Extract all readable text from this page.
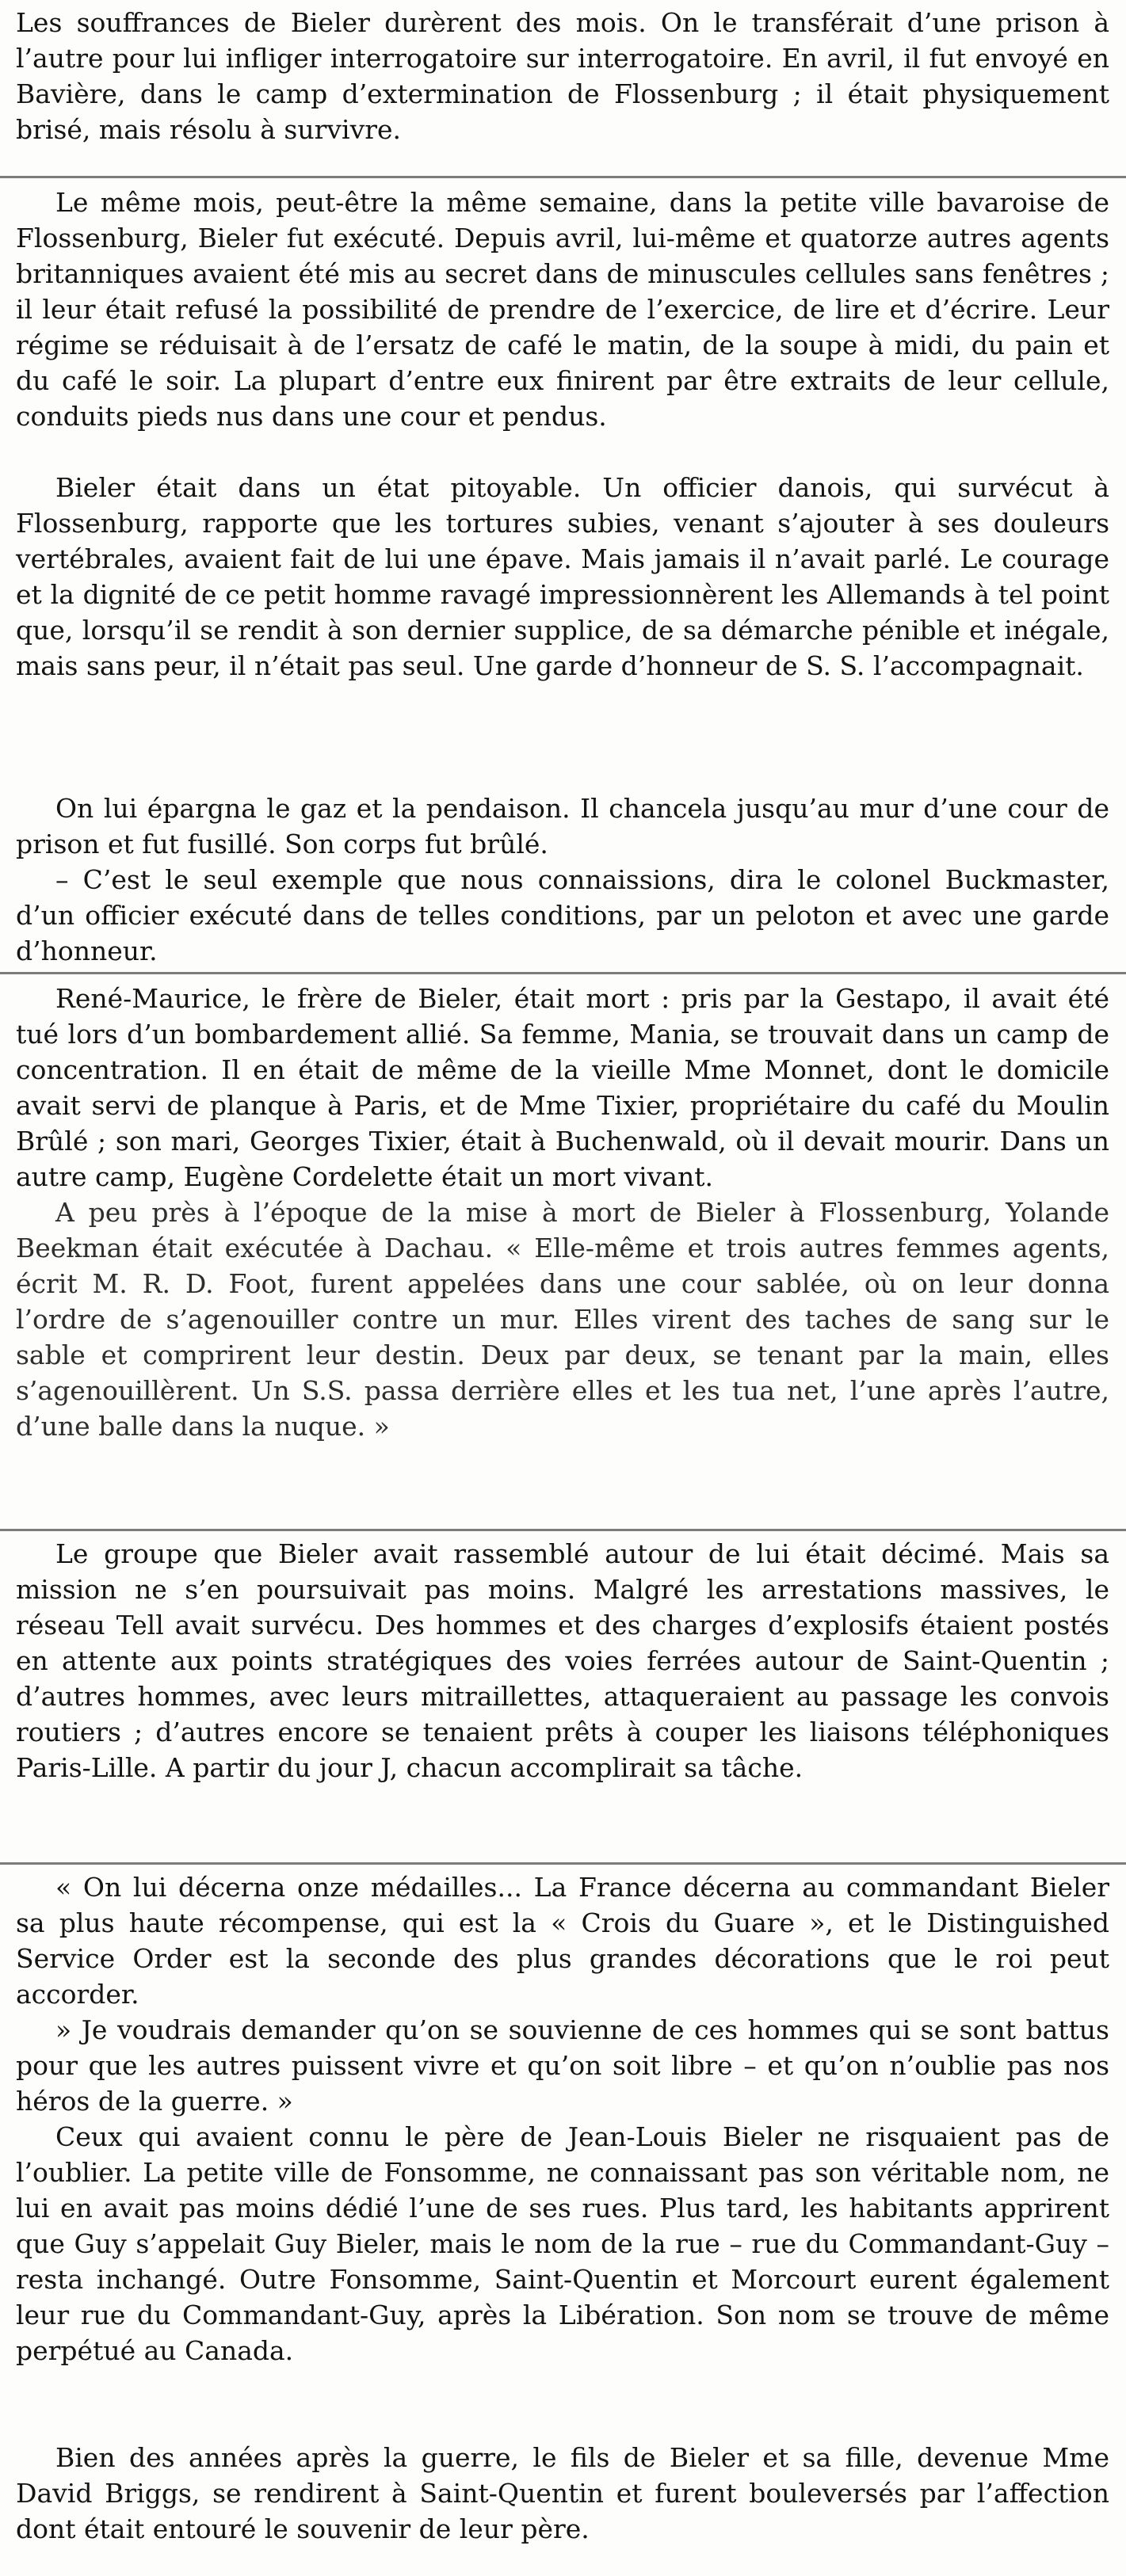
Les souffrances de Bieler durèrent des mois. On le transférait d’une prison à l’autre pour lui infliger interrogatoire sur interrogatoire. En avril, il fut envoyé en Bavière, dans le camp d’extermination de Flossenburg ; il était physiquement brisé, mais résolu à survivre.

Le même mois, peut-être la même semaine, dans la petite ville bavaroise de Flossenburg, Bieler fut exécuté. Depuis avril, lui-même et quatorze autres agents britanniques avaient été mis au secret dans de minuscules cellules sans fenêtres ; il leur était refusé la possibilité de prendre de l’exercice, de lire et d’écrire. Leur régime se réduisait à de l’ersatz de café le matin, de la soupe à midi, du pain et du café le soir. La plupart d’entre eux finirent par être extraits de leur cellule, conduits pieds nus dans une cour et pendus.

Bieler était dans un état pitoyable. Un officier danois, qui survécut à Flossenburg, rapporte que les tortures subies, venant s’ajouter à ses douleurs vertébrales, avaient fait de lui une épave. Mais jamais il n’avait parlé. Le courage et la dignité de ce petit homme ravagé impressionnèrent les Allemands à tel point que, lorsqu’il se rendit à son dernier supplice, de sa démarche pénible et inégale, mais sans peur, il n’était pas seul. Une garde d’honneur de S. S. l’accompagnait.

On lui épargna le gaz et la pendaison. Il chancela jusqu’au mur d’une cour de prison et fut fusillé. Son corps fut brûlé.

– C’est le seul exemple que nous connaissions, dira le colonel Buckmaster, d’un officier exécuté dans de telles conditions, par un peloton et avec une garde d’honneur.

René-Maurice, le frère de Bieler, était mort : pris par la Gestapo, il avait été tué lors d’un bombardement allié. Sa femme, Mania, se trouvait dans un camp de concentration. Il en était de même de la vieille Mme Monnet, dont le domicile avait servi de planque à Paris, et de Mme Tixier, propriétaire du café du Moulin Brûlé ; son mari, Georges Tixier, était à Buchenwald, où il devait mourir. Dans un autre camp, Eugène Cordelette était un mort vivant.

A peu près à l’époque de la mise à mort de Bieler à Flossenburg, Yolande Beekman était exécutée à Dachau. « Elle-même et trois autres femmes agents, écrit M. R. D. Foot, furent appelées dans une cour sablée, où on leur donna l’ordre de s’agenouiller contre un mur. Elles virent des taches de sang sur le sable et comprirent leur destin. Deux par deux, se tenant par la main, elles s’agenouillèrent. Un S.S. passa derrière elles et les tua net, l’une après l’autre, d’une balle dans la nuque. »

Le groupe que Bieler avait rassemblé autour de lui était décimé. Mais sa mission ne s’en poursuivait pas moins. Malgré les arrestations massives, le réseau Tell avait survécu. Des hommes et des charges d’explosifs étaient postés en attente aux points stratégiques des voies ferrées autour de Saint-Quentin ; d’autres hommes, avec leurs mitraillettes, attaqueraient au passage les convois routiers ; d’autres encore se tenaient prêts à couper les liaisons téléphoniques Paris-Lille. A partir du jour J, chacun accomplirait sa tâche.

« On lui décerna onze médailles... La France décerna au commandant Bieler sa plus haute récompense, qui est la « Crois du Guare », et le Distinguished Service Order est la seconde des plus grandes décorations que le roi peut accorder.

» Je voudrais demander qu’on se souvienne de ces hommes qui se sont battus pour que les autres puissent vivre et qu’on soit libre – et qu’on n’oublie pas nos héros de la guerre. »

Ceux qui avaient connu le père de Jean-Louis Bieler ne risquaient pas de l’oublier. La petite ville de Fonsomme, ne connaissant pas son véritable nom, ne lui en avait pas moins dédié l’une de ses rues. Plus tard, les habitants apprirent que Guy s’appelait Guy Bieler, mais le nom de la rue – rue du Commandant-Guy – resta inchangé. Outre Fonsomme, Saint-Quentin et Morcourt eurent également leur rue du Commandant-Guy, après la Libération. Son nom se trouve de même perpétué au Canada.

Bien des années après la guerre, le fils de Bieler et sa fille, devenue Mme David Briggs, se rendirent à Saint-Quentin et furent bouleversés par l’affection dont était entouré le souvenir de leur père.
